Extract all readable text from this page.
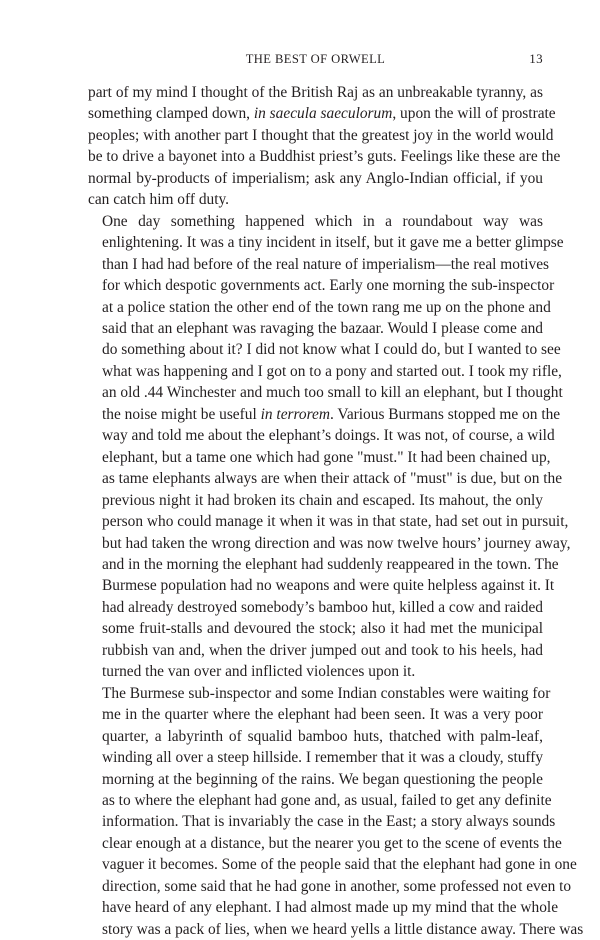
THE BEST OF ORWELL	13

part of my mind I thought of the British Raj as an unbreakable tyranny, as
something clamped down, in saecula saeculorum, upon the will of prostrate
peoples; with another part I thought that the greatest joy in the world would
be to drive a bayonet into a Buddhist priest’s guts. Feelings like these are the
normal by-products of imperialism; ask any Anglo-Indian official, if you
can catch him off duty.

One day something happened which in a roundabout way was
enlightening. It was a tiny incident in itself, but it gave me a better glimpse
than I had had before of the real nature of imperialism—the real motives
for which despotic governments act. Early one morning the sub-inspector
at a police station the other end of the town rang me up on the phone and
said that an elephant was ravaging the bazaar. Would I please come and
do something about it? I did not know what I could do, but I wanted to see
what was happening and I got on to a pony and started out. I took my rifle,
an old .44 Winchester and much too small to kill an elephant, but I thought
the noise might be useful in terrorem. Various Burmans stopped me on the
way and told me about the elephant’s doings. It was not, of course, a wild
elephant, but a tame one which had gone "must." It had been chained up,
as tame elephants always are when their attack of "must" is due, but on the
previous night it had broken its chain and escaped. Its mahout, the only
person who could manage it when it was in that state, had set out in pursuit,
but had taken the wrong direction and was now twelve hours’ journey away,
and in the morning the elephant had suddenly reappeared in the town. The
Burmese population had no weapons and were quite helpless against it. It
had already destroyed somebody’s bamboo hut, killed a cow and raided
some fruit-stalls and devoured the stock; also it had met the municipal
rubbish van and, when the driver jumped out and took to his heels, had
turned the van over and inflicted violences upon it.

The Burmese sub-inspector and some Indian constables were waiting for
me in the quarter where the elephant had been seen. It was a very poor
quarter, a labyrinth of squalid bamboo huts, thatched with palm-leaf,
winding all over a steep hillside. I remember that it was a cloudy, stuffy
morning at the beginning of the rains. We began questioning the people
as to where the elephant had gone and, as usual, failed to get any definite
information. That is invariably the case in the East; a story always sounds
clear enough at a distance, but the nearer you get to the scene of events the
vaguer it becomes. Some of the people said that the elephant had gone in one
direction, some said that he had gone in another, some professed not even to
have heard of any elephant. I had almost made up my mind that the whole
story was a pack of lies, when we heard yells a little distance away. There was
